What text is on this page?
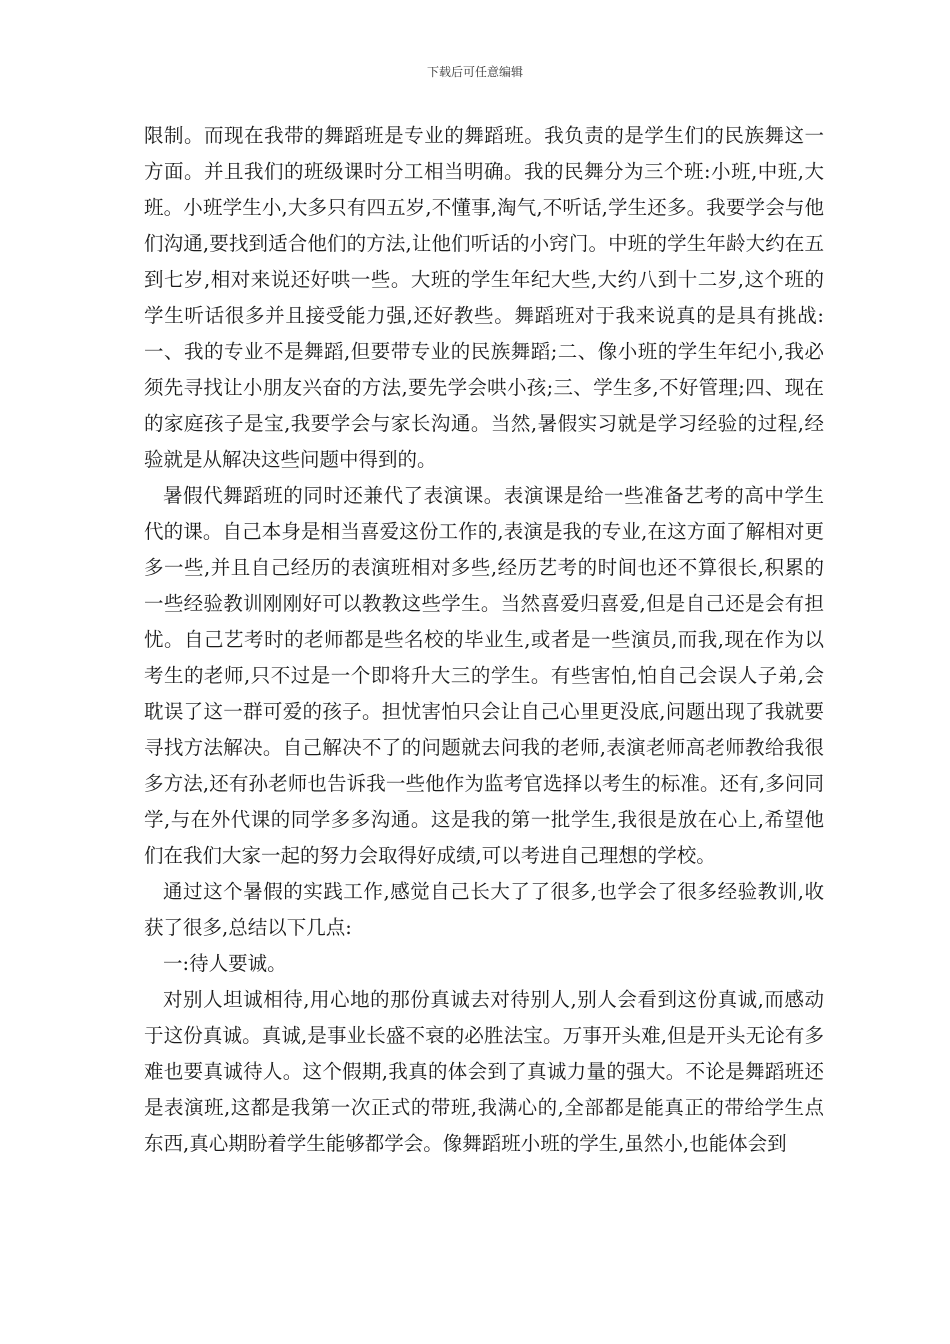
下载后可任意编辑

限制。而现在我带的舞蹈班是专业的舞蹈班。我负责的是学生们的民族舞这一方面。并且我们的班级课时分工相当明确。我的民舞分为三个班:小班,中班,大班。小班学生小,大多只有四五岁,不懂事,淘气,不听话,学生还多。我要学会与他们沟通,要找到适合他们的方法,让他们听话的小窍门。中班的学生年龄大约在五到七岁,相对来说还好哄一些。大班的学生年纪大些,大约八到十二岁,这个班的学生听话很多并且接受能力强,还好教些。舞蹈班对于我来说真的是具有挑战:一、我的专业不是舞蹈,但要带专业的民族舞蹈;二、像小班的学生年纪小,我必须先寻找让小朋友兴奋的方法,要先学会哄小孩;三、学生多,不好管理;四、现在的家庭孩子是宝,我要学会与家长沟通。当然,暑假实习就是学习经验的过程,经验就是从解决这些问题中得到的。

暑假代舞蹈班的同时还兼代了表演课。表演课是给一些准备艺考的高中学生代的课。自己本身是相当喜爱这份工作的,表演是我的专业,在这方面了解相对更多一些,并且自己经历的表演班相对多些,经历艺考的时间也还不算很长,积累的一些经验教训刚刚好可以教教这些学生。当然喜爱归喜爱,但是自己还是会有担忧。自己艺考时的老师都是些名校的毕业生,或者是一些演员,而我,现在作为以考生的老师,只不过是一个即将升大三的学生。有些害怕,怕自己会误人子弟,会耽误了这一群可爱的孩子。担忧害怕只会让自己心里更没底,问题出现了我就要寻找方法解决。自己解决不了的问题就去问我的老师,表演老师高老师教给我很多方法,还有孙老师也告诉我一些他作为监考官选择以考生的标准。还有,多问同学,与在外代课的同学多多沟通。这是我的第一批学生,我很是放在心上,希望他们在我们大家一起的努力会取得好成绩,可以考进自己理想的学校。

通过这个暑假的实践工作,感觉自己长大了了很多,也学会了很多经验教训,收获了很多,总结以下几点:

一:待人要诚。

对别人坦诚相待,用心地的那份真诚去对待别人,别人会看到这份真诚,而感动于这份真诚。真诚,是事业长盛不衰的必胜法宝。万事开头难,但是开头无论有多难也要真诚待人。这个假期,我真的体会到了真诚力量的强大。不论是舞蹈班还是表演班,这都是我第一次正式的带班,我满心的,全部都是能真正的带给学生点东西,真心期盼着学生能够都学会。像舞蹈班小班的学生,虽然小,也能体会到
